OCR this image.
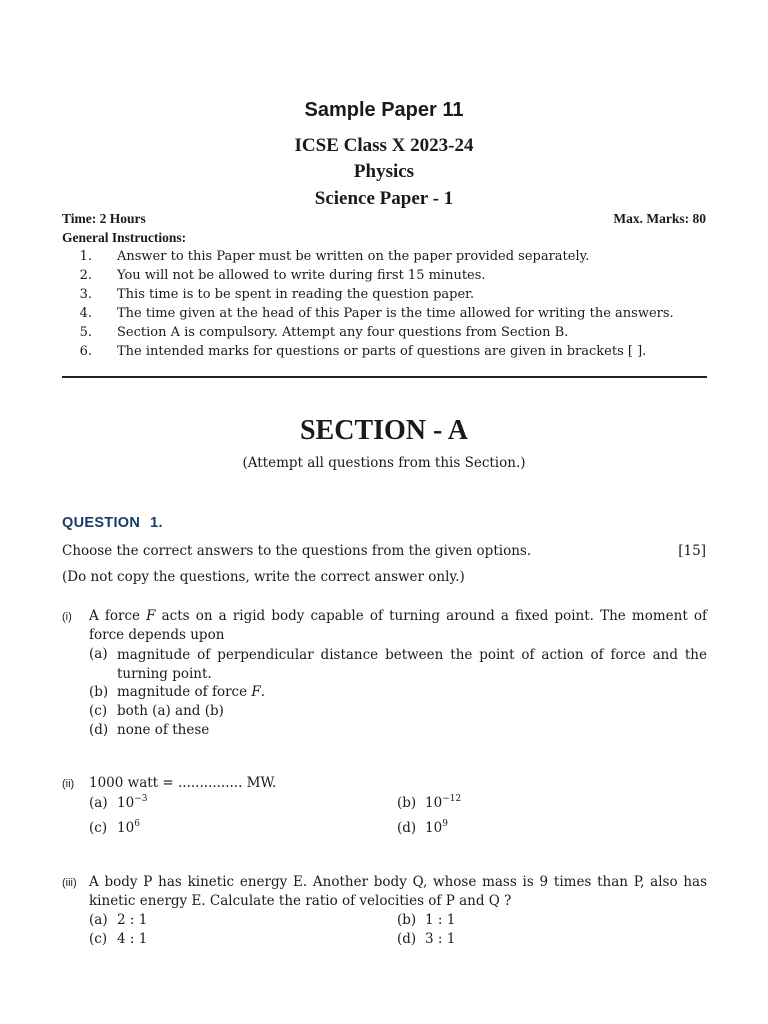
Sample Paper 11
ICSE Class X 2023-24
Physics
Science Paper - 1
Time: 2 Hours	Max. Marks: 80
General Instructions:
1. Answer to this Paper must be written on the paper provided separately.
2. You will not be allowed to write during first 15 minutes.
3. This time is to be spent in reading the question paper.
4. The time given at the head of this Paper is the time allowed for writing the answers.
5. Section A is compulsory. Attempt any four questions from Section B.
6. The intended marks for questions or parts of questions are given in brackets [ ].
SECTION - A
(Attempt all questions from this Section.)
QUESTION 1.
Choose the correct answers to the questions from the given options.	[15]
(Do not copy the questions, write the correct answer only.)
(i) A force F acts on a rigid body capable of turning around a fixed point. The moment of force depends upon
(a) magnitude of perpendicular distance between the point of action of force and the turning point.
(b) magnitude of force F.
(c) both (a) and (b)
(d) none of these
(ii) 1000 watt = ............... MW.
(a) $10^{-3}$	(b) $10^{-12}$
(c) $10^6$	(d) $10^9$
(iii) A body P has kinetic energy E. Another body Q, whose mass is 9 times than P, also has kinetic energy E. Calculate the ratio of velocities of P and Q ?
(a) 2 : 1	(b) 1 : 1
(c) 4 : 1	(d) 3 : 1
